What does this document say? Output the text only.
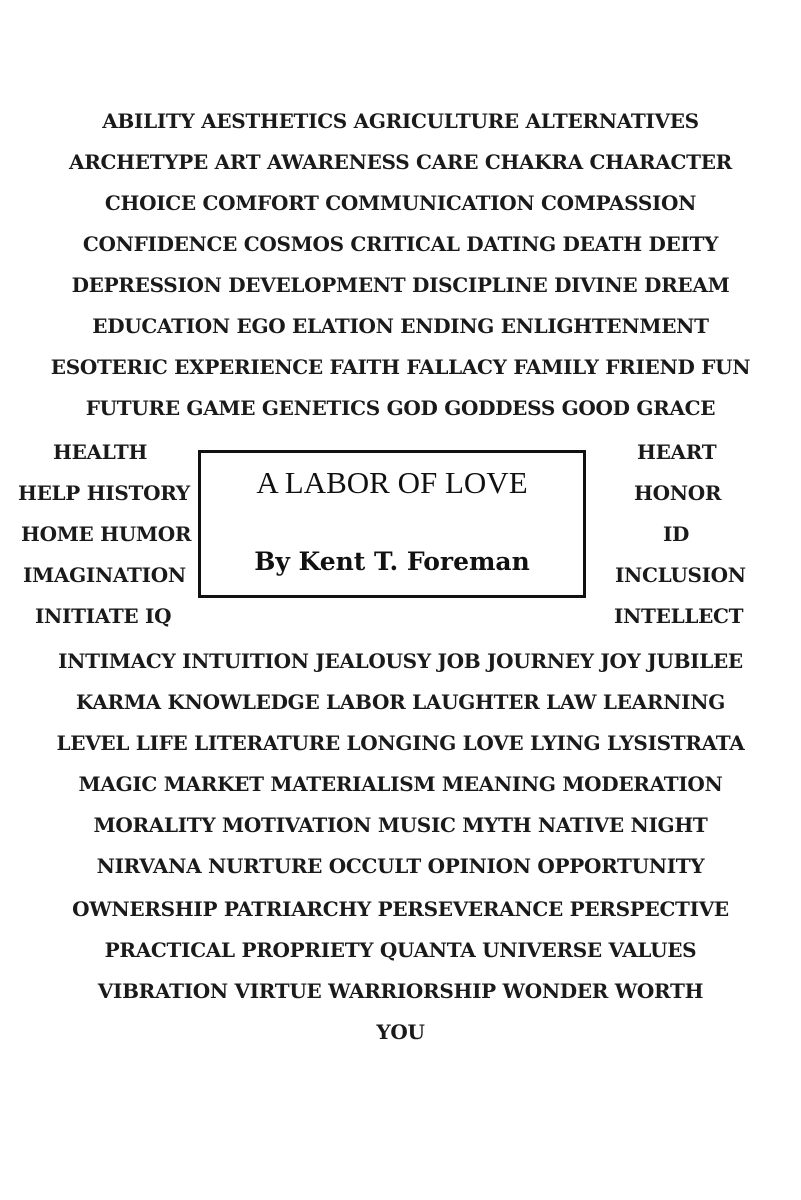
ABILITY AESTHETICS AGRICULTURE ALTERNATIVES
ARCHETYPE ART AWARENESS CARE CHAKRA CHARACTER
CHOICE COMFORT COMMUNICATION COMPASSION
CONFIDENCE COSMOS CRITICAL DATING DEATH DEITY
DEPRESSION DEVELOPMENT DISCIPLINE DIVINE DREAM
EDUCATION EGO ELATION ENDING ENLIGHTENMENT
ESOTERIC EXPERIENCE FAITH FALLACY FAMILY FRIEND FUN
FUTURE GAME GENETICS GOD GODDESS GOOD GRACE
HEALTH
HELP HISTORY
HOME HUMOR
IMAGINATION
INITIATE IQ
HEART
HONOR
ID
INCLUSION
INTELLECT
A LABOR OF LOVE
By Kent T. Foreman
INTIMACY INTUITION JEALOUSY JOB JOURNEY JOY JUBILEE
KARMA KNOWLEDGE LABOR LAUGHTER LAW LEARNING
LEVEL LIFE LITERATURE LONGING LOVE LYING LYSISTRATA
MAGIC MARKET MATERIALISM MEANING MODERATION
MORALITY MOTIVATION MUSIC MYTH NATIVE NIGHT
NIRVANA NURTURE OCCULT OPINION OPPORTUNITY
OWNERSHIP PATRIARCHY PERSEVERANCE PERSPECTIVE
PRACTICAL PROPRIETY QUANTA UNIVERSE VALUES
VIBRATION VIRTUE WARRIORSHIP WONDER WORTH
YOU
